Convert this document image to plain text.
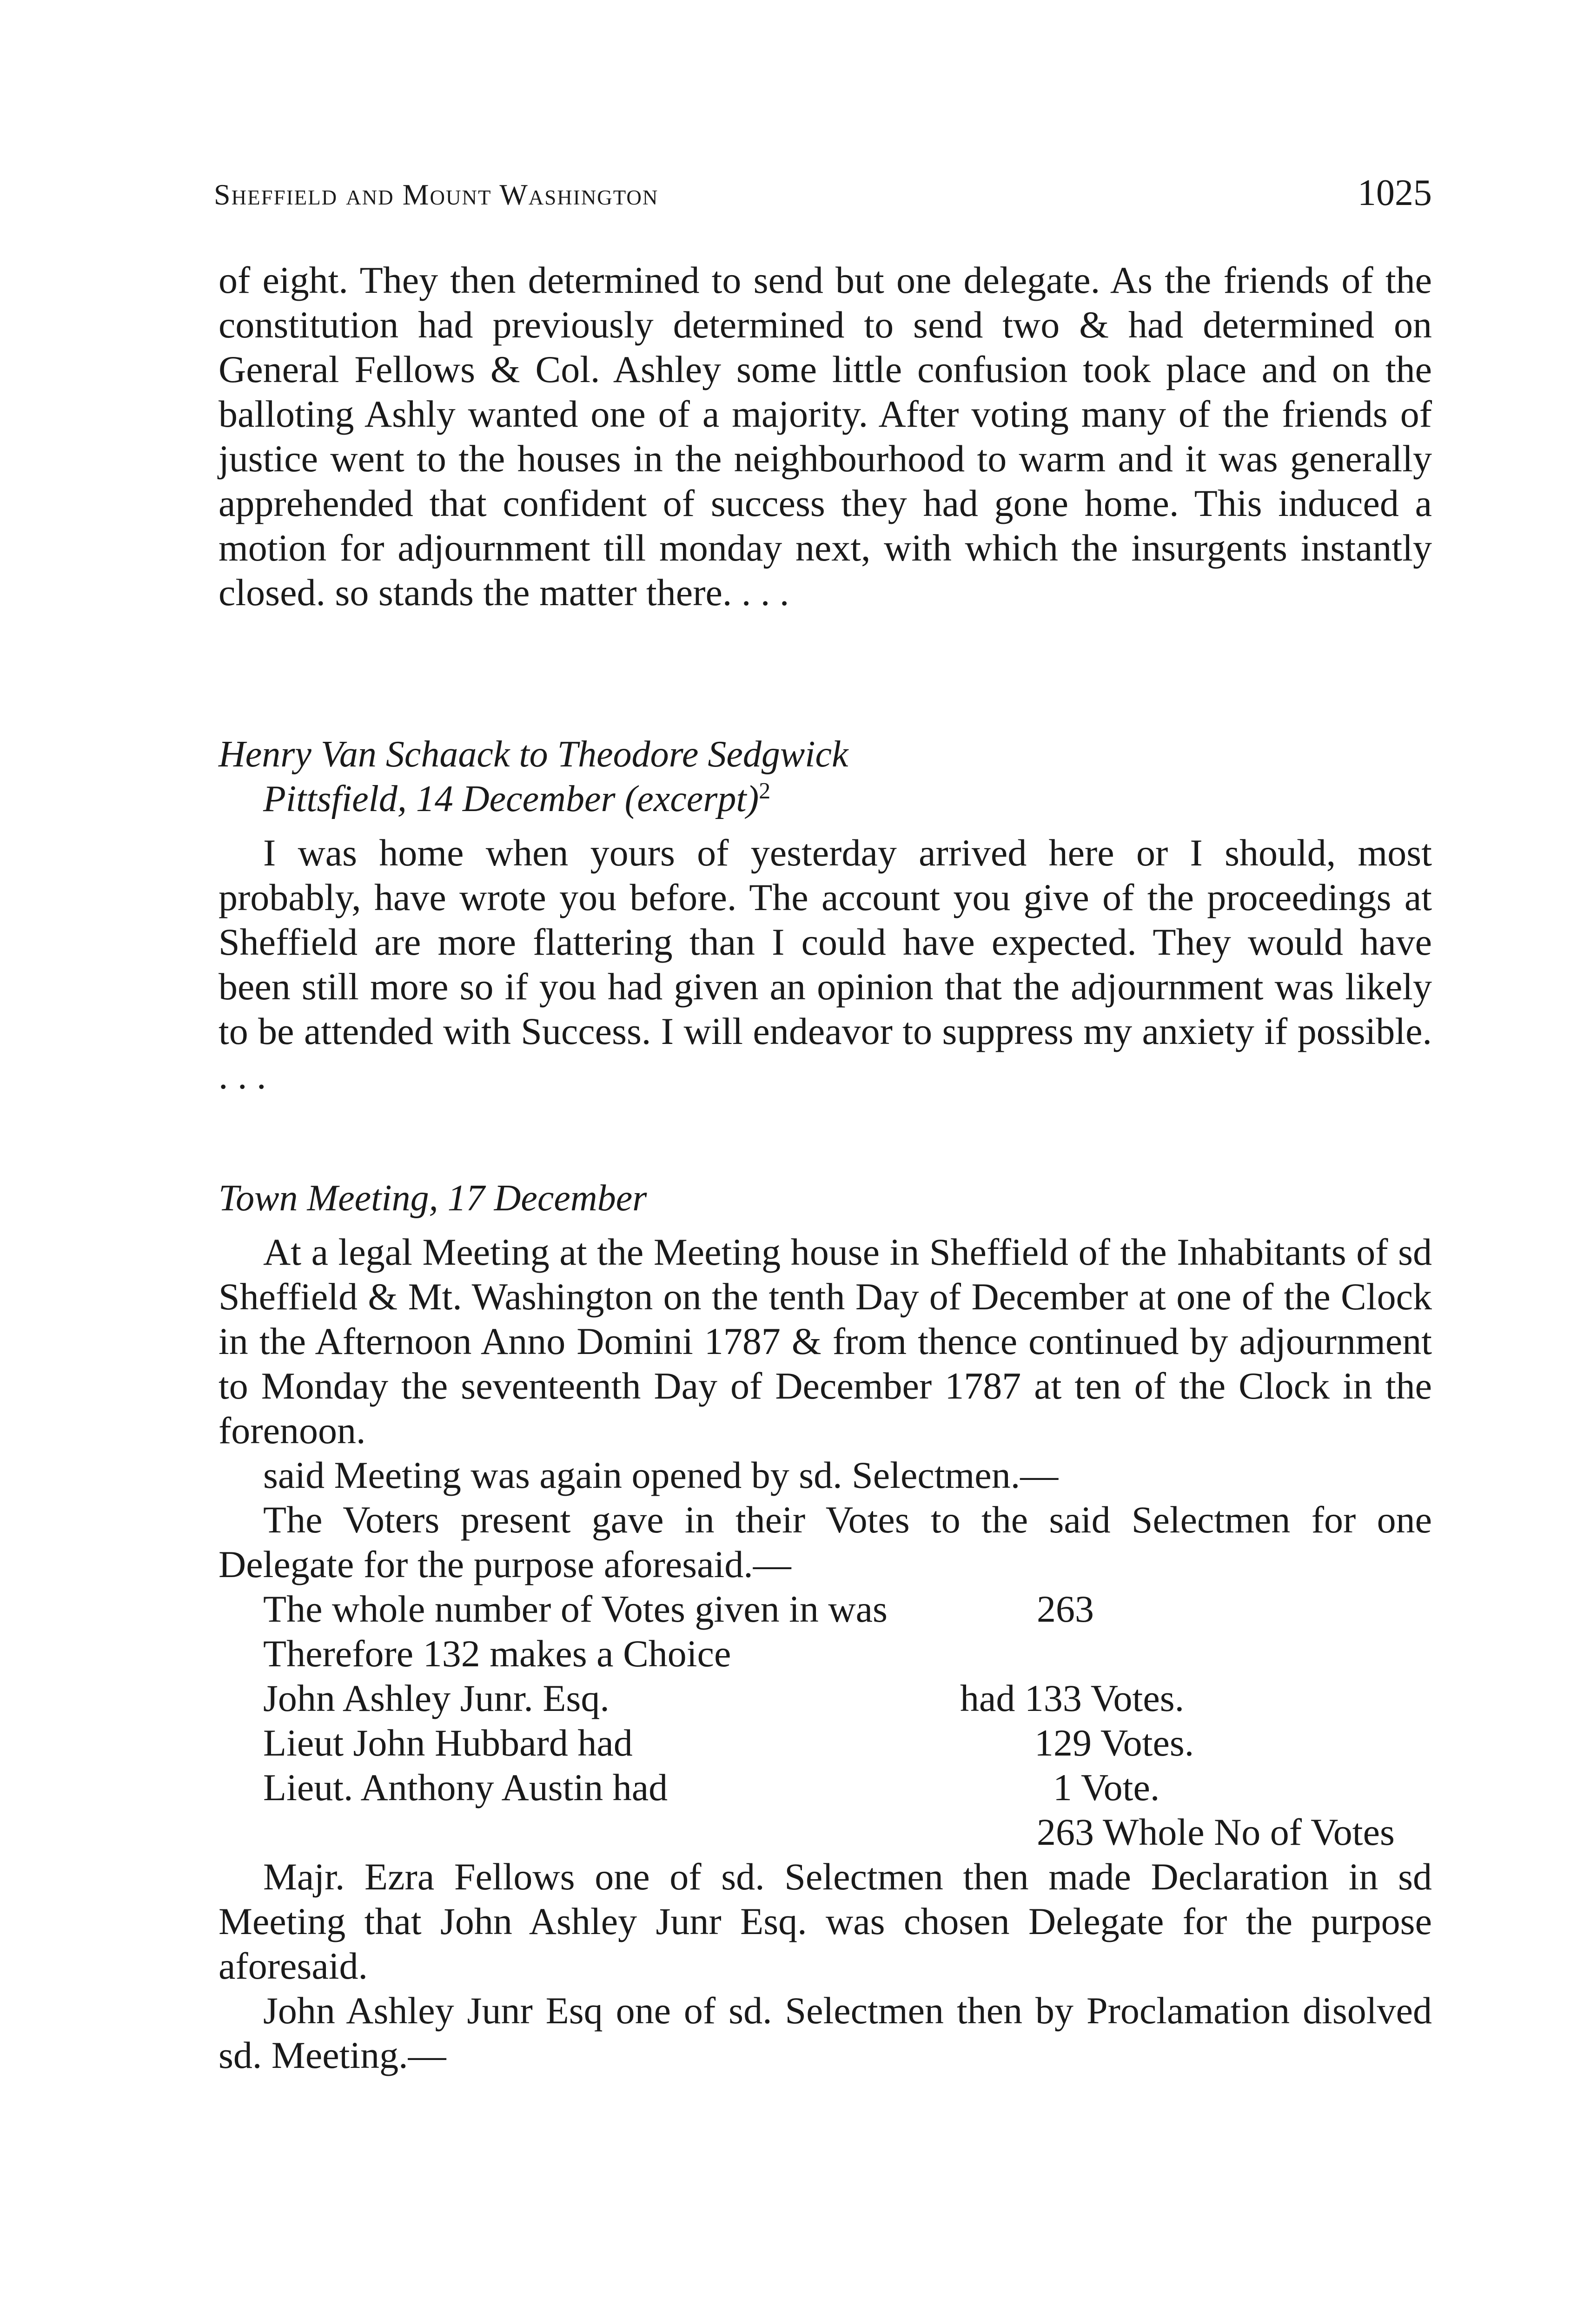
Sheffield and Mount Washington	1025

of eight. They then determined to send but one delegate. As the friends of the constitution had previously determined to send two & had determined on General Fellows & Col. Ashley some little confusion took place and on the balloting Ashly wanted one of a majority. After voting many of the friends of justice went to the houses in the neighbourhood to warm and it was generally apprehended that confident of success they had gone home. This induced a motion for adjournment till monday next, with which the insurgents instantly closed. so stands the matter there. . . .

Henry Van Schaack to Theodore Sedgwick

Pittsfield, 14 December (excerpt)$^2$

I was home when yours of yesterday arrived here or I should, most probably, have wrote you before. The account you give of the proceedings at Sheffield are more flattering than I could have expected. They would have been still more so if you had given an opinion that the adjournment was likely to be attended with Success. I will endeavor to suppress my anxiety if possible. . . .

Town Meeting, 17 December

At a legal Meeting at the Meeting house in Sheffield of the Inhabitants of sd Sheffield & Mt. Washington on the tenth Day of December at one of the Clock in the Afternoon Anno Domini 1787 & from thence continued by adjournment to Monday the seventeenth Day of December 1787 at ten of the Clock in the forenoon.

said Meeting was again opened by sd. Selectmen.—

The Voters present gave in their Votes to the said Selectmen for one Delegate for the purpose aforesaid.—

The whole number of Votes given in was	263
Therefore 132 makes a Choice
John Ashley Junr. Esq.	had 133 Votes.
Lieut John Hubbard had	129 Votes.
Lieut. Anthony Austin had	1 Vote.
263 Whole No of Votes

Majr. Ezra Fellows one of sd. Selectmen then made Declaration in sd Meeting that John Ashley Junr Esq. was chosen Delegate for the purpose aforesaid.

John Ashley Junr Esq one of sd. Selectmen then by Proclamation disolved sd. Meeting.—
